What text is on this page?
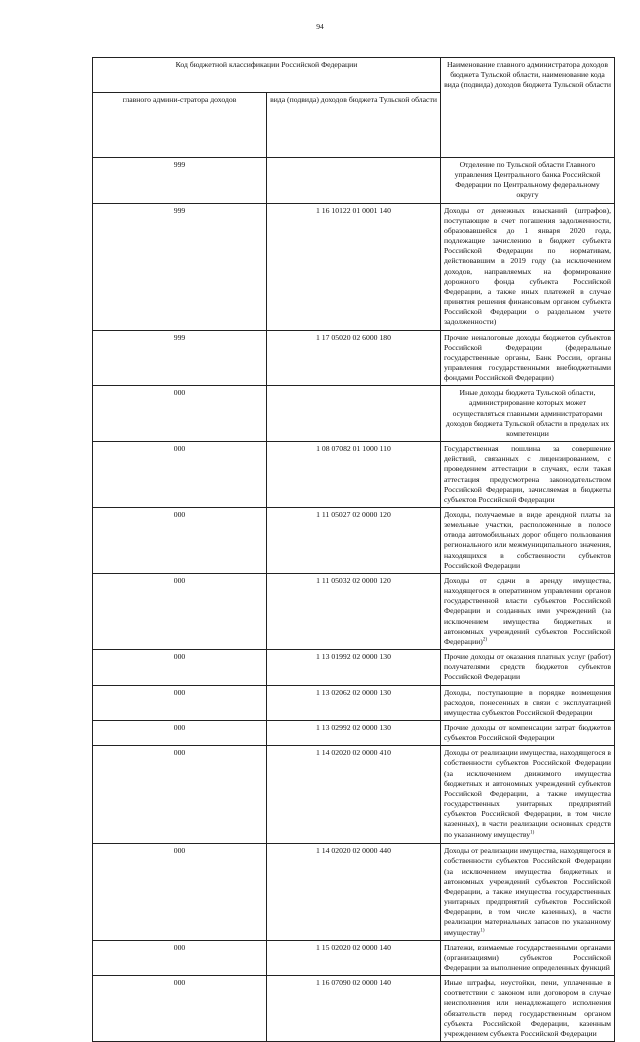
94
Код бюджетной классификации Российской Федерации		Наименование главного администратора доходов бюджета Тульской области, наименование кода вида (подвида) доходов бюджета Тульской области
главного админи-стратора доходов	вида (подвида) доходов бюджета Тульской области	
999		Отделение по Тульской области Главного управления Центрального банка Российской Федерации по Центральному федеральному округу
999	1 16 10122 01 0001 140	Доходы от денежных взысканий (штрафов), поступающие в счет погашения задолженности, образовавшейся до 1 января 2020 года, подлежащие зачислению в бюджет субъекта Российской Федерации по нормативам, действовавшим в 2019 году (за исключением доходов, направляемых на формирование дорожного фонда субъекта Российской Федерации, а также иных платежей в случае принятия решения финансовым органом субъекта Российской Федерации о раздельном учете задолженности)
999	1 17 05020 02 6000 180	Прочие неналоговые доходы бюджетов субъектов Российской Федерации (федеральные государственные органы, Банк России, органы управления государственными внебюджетными фондами Российской Федерации)
000		Иные доходы бюджета Тульской области, администрирование которых может осуществляться главными администраторами доходов бюджета Тульской области в пределах их компетенции
000	1 08 07082 01 1000 110	Государственная пошлина за совершение действий, связанных с лицензированием, с проведением аттестации в случаях, если такая аттестация предусмотрена законодательством Российской Федерации, зачисляемая в бюджеты субъектов Российской Федерации
000	1 11 05027 02 0000 120	Доходы, получаемые в виде арендной платы за земельные участки, расположенные в полосе отвода автомобильных дорог общего пользования регионального или межмуниципального значения, находящихся в собственности субъектов Российской Федерации
000	1 11 05032 02 0000 120	Доходы от сдачи в аренду имущества, находящегося в оперативном управлении органов государственной власти субъектов Российской Федерации и созданных ими учреждений (за исключением имущества бюджетных и автономных учреждений субъектов Российской Федерации)$^{2)}$
000	1 13 01992 02 0000 130	Прочие доходы от оказания платных услуг (работ) получателями средств бюджетов субъектов Российской Федерации
000	1 13 02062 02 0000 130	Доходы, поступающие в порядке возмещения расходов, понесенных в связи с эксплуатацией имущества субъектов Российской Федерации
000	1 13 02992 02 0000 130	Прочие доходы от компенсации затрат бюджетов субъектов Российской Федерации
000	1 14 02020 02 0000 410	Доходы от реализации имущества, находящегося в собственности субъектов Российской Федерации (за исключением движимого имущества бюджетных и автономных учреждений субъектов Российской Федерации, а также имущества государственных унитарных предприятий субъектов Российской Федерации, в том числе казенных), в части реализации основных средств по указанному имуществу$^{1)}$
000	1 14 02020 02 0000 440	Доходы от реализации имущества, находящегося в собственности субъектов Российской Федерации (за исключением имущества бюджетных и автономных учреждений субъектов Российской Федерации, а также имущества государственных унитарных предприятий субъектов Российской Федерации, в том числе казенных), в части реализации материальных запасов по указанному имуществу$^{1)}$
000	1 15 02020 02 0000 140	Платежи, взимаемые государственными органами (организациями) субъектов Российской Федерации за выполнение определенных функций
000	1 16 07090 02 0000 140	Иные штрафы, неустойки, пени, уплаченные в соответствии с законом или договором в случае неисполнения или ненадлежащего исполнения обязательств перед государственным органом субъекта Российской Федерации, казенным учреждением субъекта Российской Федерации
